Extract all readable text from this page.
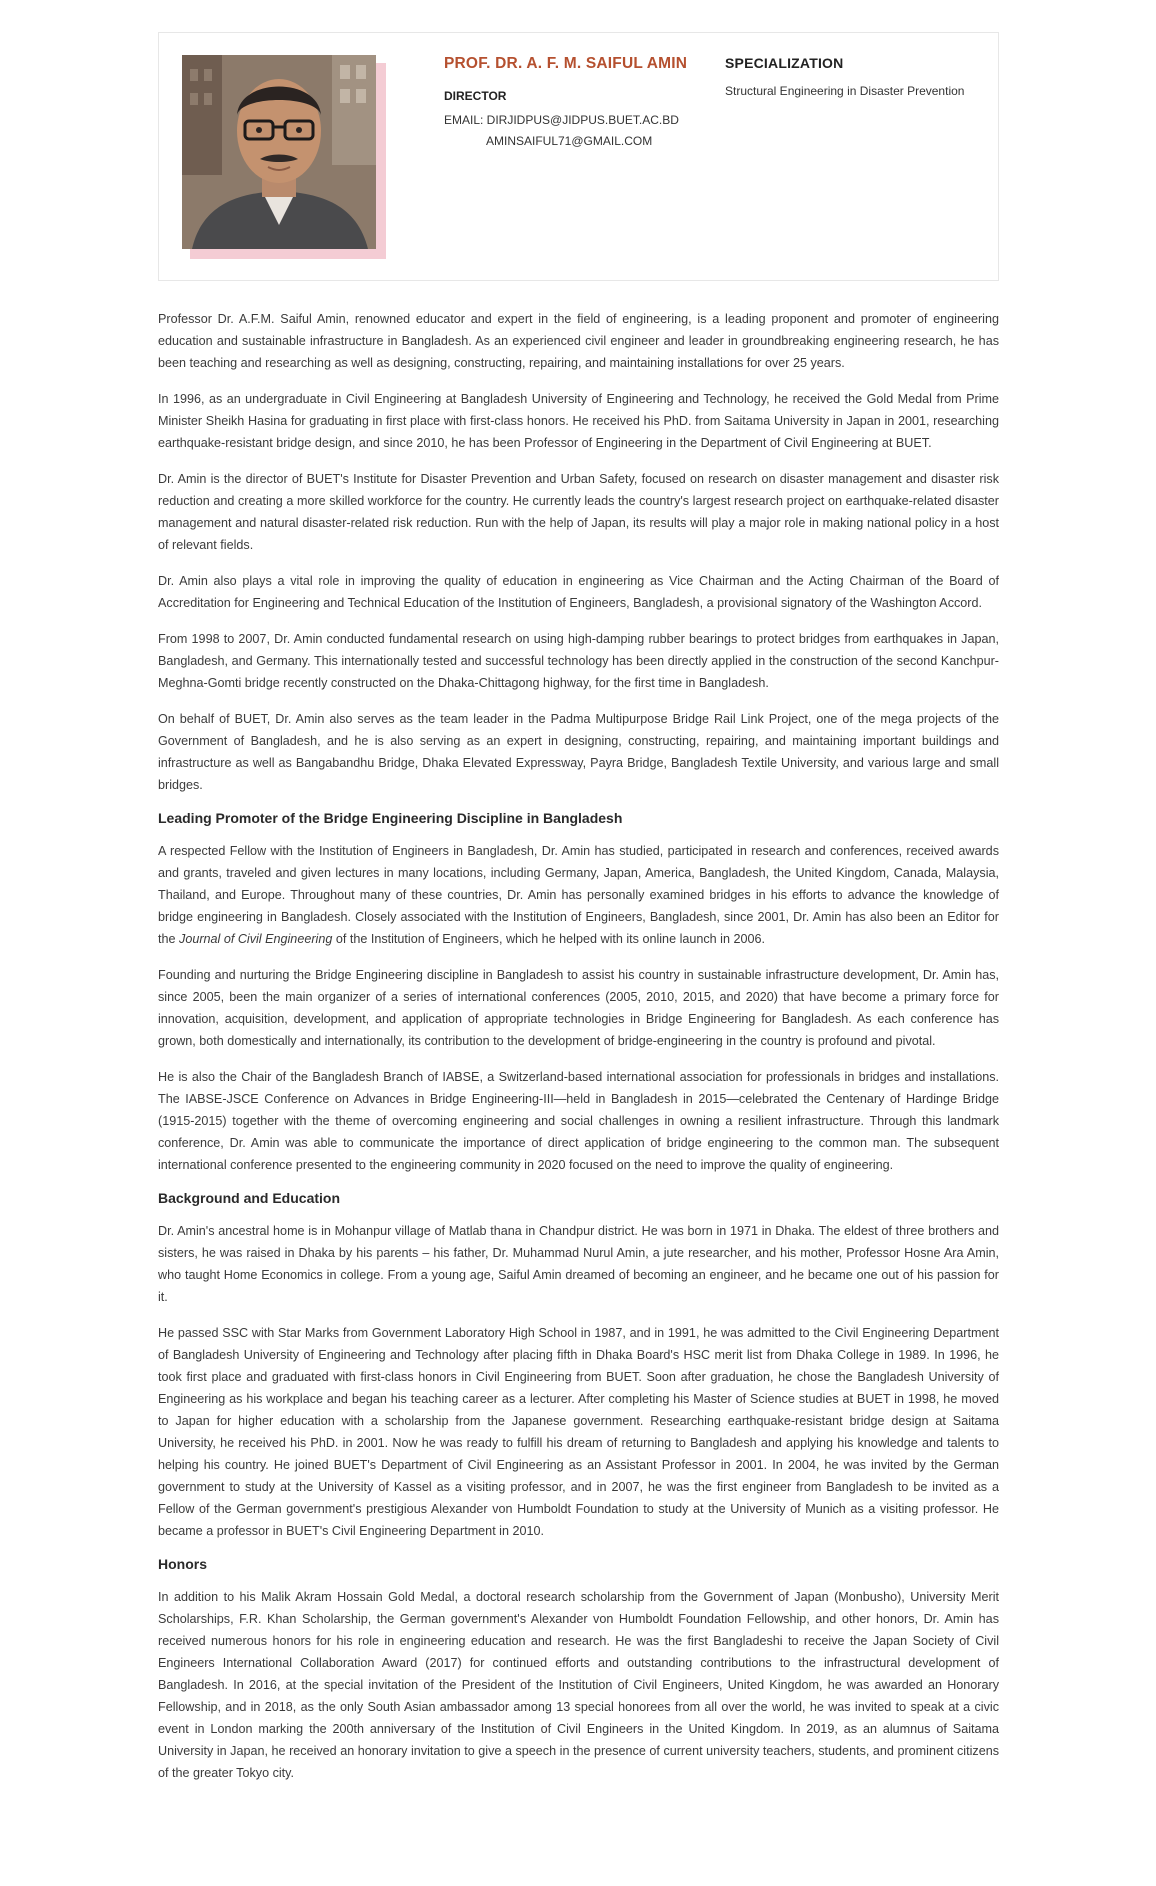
PROF. DR. A. F. M. SAIFUL AMIN
DIRECTOR
EMAIL: DIRJIDPUS@JIDPUS.BUET.AC.BD
AMINSAIFUL71@GMAIL.COM
SPECIALIZATION
Structural Engineering in Disaster Prevention

Professor Dr. A.F.M. Saiful Amin, renowned educator and expert in the field of engineering, is a leading proponent and promoter of engineering education and sustainable infrastructure in Bangladesh. As an experienced civil engineer and leader in groundbreaking engineering research, he has been teaching and researching as well as designing, constructing, repairing, and maintaining installations for over 25 years.

In 1996, as an undergraduate in Civil Engineering at Bangladesh University of Engineering and Technology, he received the Gold Medal from Prime Minister Sheikh Hasina for graduating in first place with first-class honors. He received his PhD. from Saitama University in Japan in 2001, researching earthquake-resistant bridge design, and since 2010, he has been Professor of Engineering in the Department of Civil Engineering at BUET.

Dr. Amin is the director of BUET's Institute for Disaster Prevention and Urban Safety, focused on research on disaster management and disaster risk reduction and creating a more skilled workforce for the country. He currently leads the country's largest research project on earthquake-related disaster management and natural disaster-related risk reduction. Run with the help of Japan, its results will play a major role in making national policy in a host of relevant fields.

Dr. Amin also plays a vital role in improving the quality of education in engineering as Vice Chairman and the Acting Chairman of the Board of Accreditation for Engineering and Technical Education of the Institution of Engineers, Bangladesh, a provisional signatory of the Washington Accord.

From 1998 to 2007, Dr. Amin conducted fundamental research on using high-damping rubber bearings to protect bridges from earthquakes in Japan, Bangladesh, and Germany. This internationally tested and successful technology has been directly applied in the construction of the second Kanchpur-Meghna-Gomti bridge recently constructed on the Dhaka-Chittagong highway, for the first time in Bangladesh.

On behalf of BUET, Dr. Amin also serves as the team leader in the Padma Multipurpose Bridge Rail Link Project, one of the mega projects of the Government of Bangladesh, and he is also serving as an expert in designing, constructing, repairing, and maintaining important buildings and infrastructure as well as Bangabandhu Bridge, Dhaka Elevated Expressway, Payra Bridge, Bangladesh Textile University, and various large and small bridges.

Leading Promoter of the Bridge Engineering Discipline in Bangladesh

A respected Fellow with the Institution of Engineers in Bangladesh, Dr. Amin has studied, participated in research and conferences, received awards and grants, traveled and given lectures in many locations, including Germany, Japan, America, Bangladesh, the United Kingdom, Canada, Malaysia, Thailand, and Europe. Throughout many of these countries, Dr. Amin has personally examined bridges in his efforts to advance the knowledge of bridge engineering in Bangladesh. Closely associated with the Institution of Engineers, Bangladesh, since 2001, Dr. Amin has also been an Editor for the Journal of Civil Engineering of the Institution of Engineers, which he helped with its online launch in 2006.

Founding and nurturing the Bridge Engineering discipline in Bangladesh to assist his country in sustainable infrastructure development, Dr. Amin has, since 2005, been the main organizer of a series of international conferences (2005, 2010, 2015, and 2020) that have become a primary force for innovation, acquisition, development, and application of appropriate technologies in Bridge Engineering for Bangladesh. As each conference has grown, both domestically and internationally, its contribution to the development of bridge-engineering in the country is profound and pivotal.

He is also the Chair of the Bangladesh Branch of IABSE, a Switzerland-based international association for professionals in bridges and installations. The IABSE-JSCE Conference on Advances in Bridge Engineering-III—held in Bangladesh in 2015—celebrated the Centenary of Hardinge Bridge (1915-2015) together with the theme of overcoming engineering and social challenges in owning a resilient infrastructure. Through this landmark conference, Dr. Amin was able to communicate the importance of direct application of bridge engineering to the common man. The subsequent international conference presented to the engineering community in 2020 focused on the need to improve the quality of engineering.

Background and Education

Dr. Amin's ancestral home is in Mohanpur village of Matlab thana in Chandpur district. He was born in 1971 in Dhaka. The eldest of three brothers and sisters, he was raised in Dhaka by his parents – his father, Dr. Muhammad Nurul Amin, a jute researcher, and his mother, Professor Hosne Ara Amin, who taught Home Economics in college. From a young age, Saiful Amin dreamed of becoming an engineer, and he became one out of his passion for it.

He passed SSC with Star Marks from Government Laboratory High School in 1987, and in 1991, he was admitted to the Civil Engineering Department of Bangladesh University of Engineering and Technology after placing fifth in Dhaka Board's HSC merit list from Dhaka College in 1989. In 1996, he took first place and graduated with first-class honors in Civil Engineering from BUET. Soon after graduation, he chose the Bangladesh University of Engineering as his workplace and began his teaching career as a lecturer. After completing his Master of Science studies at BUET in 1998, he moved to Japan for higher education with a scholarship from the Japanese government. Researching earthquake-resistant bridge design at Saitama University, he received his PhD. in 2001. Now he was ready to fulfill his dream of returning to Bangladesh and applying his knowledge and talents to helping his country. He joined BUET's Department of Civil Engineering as an Assistant Professor in 2001. In 2004, he was invited by the German government to study at the University of Kassel as a visiting professor, and in 2007, he was the first engineer from Bangladesh to be invited as a Fellow of the German government's prestigious Alexander von Humboldt Foundation to study at the University of Munich as a visiting professor. He became a professor in BUET's Civil Engineering Department in 2010.

Honors

In addition to his Malik Akram Hossain Gold Medal, a doctoral research scholarship from the Government of Japan (Monbusho), University Merit Scholarships, F.R. Khan Scholarship, the German government's Alexander von Humboldt Foundation Fellowship, and other honors, Dr. Amin has received numerous honors for his role in engineering education and research. He was the first Bangladeshi to receive the Japan Society of Civil Engineers International Collaboration Award (2017) for continued efforts and outstanding contributions to the infrastructural development of Bangladesh. In 2016, at the special invitation of the President of the Institution of Civil Engineers, United Kingdom, he was awarded an Honorary Fellowship, and in 2018, as the only South Asian ambassador among 13 special honorees from all over the world, he was invited to speak at a civic event in London marking the 200th anniversary of the Institution of Civil Engineers in the United Kingdom. In 2019, as an alumnus of Saitama University in Japan, he received an honorary invitation to give a speech in the presence of current university teachers, students, and prominent citizens of the greater Tokyo city.
